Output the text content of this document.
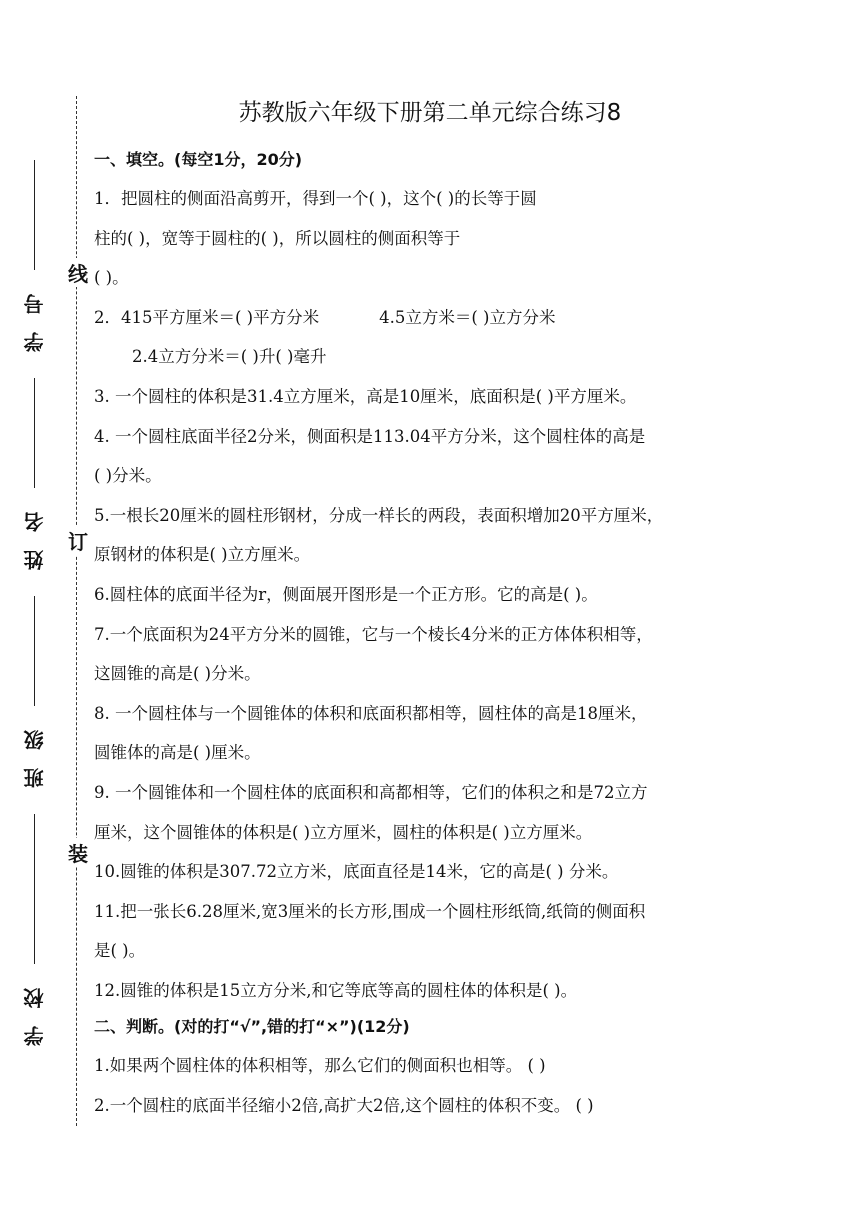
学号
姓名
班级
学校
线
订
装
苏教版六年级下册第二单元综合练习8
一、填空。(每空1分，20分)
1．把圆柱的侧面沿高剪开，得到一个( )，这个( )的长等于圆
柱的( )，宽等于圆柱的( )，所以圆柱的侧面积等于
( )。
2．415平方厘米＝( )平方分米	4.5立方米＝( )立方分米
2.4立方分米＝( )升( )毫升
3. 一个圆柱的体积是31.4立方厘米，高是10厘米，底面积是( )平方厘米。
4. 一个圆柱底面半径2分米，侧面积是113.04平方分米，这个圆柱体的高是
( )分米。
5.一根长20厘米的圆柱形钢材，分成一样长的两段，表面积增加20平方厘米，
原钢材的体积是( )立方厘米。
6.圆柱体的底面半径为r，侧面展开图形是一个正方形。它的高是( )。
7.一个底面积为24平方分米的圆锥，它与一个棱长4分米的正方体体积相等，
这圆锥的高是( )分米。
8. 一个圆柱体与一个圆锥体的体积和底面积都相等，圆柱体的高是18厘米，
圆锥体的高是( )厘米。
9. 一个圆锥体和一个圆柱体的底面积和高都相等，它们的体积之和是72立方
厘米，这个圆锥体的体积是( )立方厘米，圆柱的体积是( )立方厘米。
10.圆锥的体积是307.72立方米，底面直径是14米，它的高是( ) 分米。
11.把一张长6.28厘米,宽3厘米的长方形,围成一个圆柱形纸筒,纸筒的侧面积
是( )。
12.圆锥的体积是15立方分米,和它等底等高的圆柱体的体积是( )。
二、判断。(对的打“√”,错的打“×”)(12分)
1.如果两个圆柱体的体积相等，那么它们的侧面积也相等。 ( )
2.一个圆柱的底面半径缩小2倍,高扩大2倍,这个圆柱的体积不变。 ( )
